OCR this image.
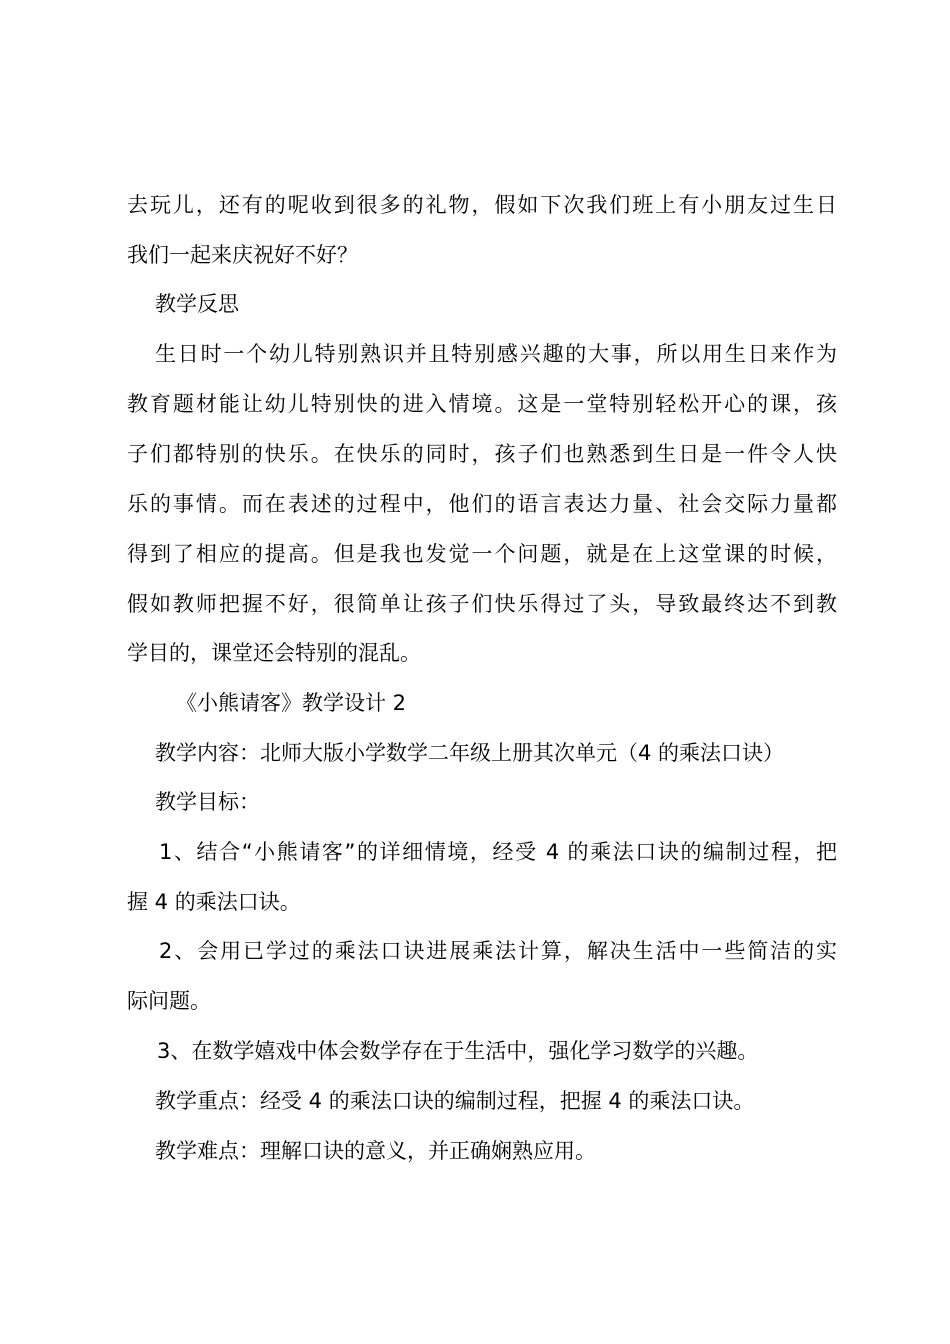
去玩儿，还有的呢收到很多的礼物，假如下次我们班上有小朋友过生日
我们一起来庆祝好不好？
教学反思
生日时一个幼儿特别熟识并且特别感兴趣的大事，所以用生日来作为
教育题材能让幼儿特别快的进入情境。这是一堂特别轻松开心的课，孩
子们都特别的快乐。在快乐的同时，孩子们也熟悉到生日是一件令人快
乐的事情。而在表述的过程中，他们的语言表达力量、社会交际力量都
得到了相应的提高。但是我也发觉一个问题，就是在上这堂课的时候，
假如教师把握不好，很简单让孩子们快乐得过了头，导致最终达不到教
学目的，课堂还会特别的混乱。
《小熊请客》教学设计 2
教学内容：北师大版小学数学二年级上册其次单元（4 的乘法口诀）
教学目标：
1、结合“小熊请客”的详细情境，经受 4 的乘法口诀的编制过程，把
握 4 的乘法口诀。
2、会用已学过的乘法口诀进展乘法计算，解决生活中一些简洁的实
际问题。
3、在数学嬉戏中体会数学存在于生活中，强化学习数学的兴趣。
教学重点：经受 4 的乘法口诀的编制过程，把握 4 的乘法口诀。
教学难点：理解口诀的意义，并正确娴熟应用。
